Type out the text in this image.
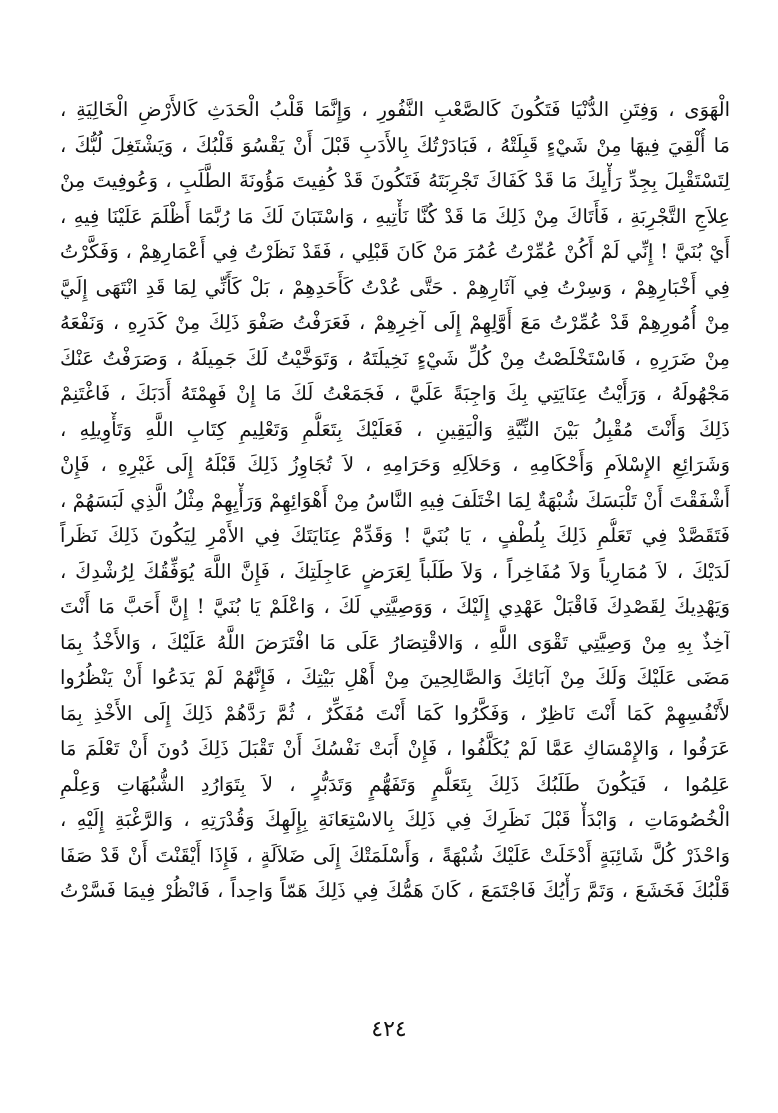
الْهَوَى ، وَفِتَنِ الدُّنْيَا فَتَكُونَ كَالصَّعْبِ النَّفُورِ ، وَإِنَّمَا قَلْبُ الْحَدَثِ كَالأَرْضِ الْخَالِيَةِ ،
مَا أُلْقِيَ فِيهَا مِنْ شَيْءٍ قَبِلَتْهُ ، فَبَادَرْتُكَ بِالأَدَبِ قَبْلَ أَنْ يَقْسُوَ قَلْبُكَ ، وَيَشْتَغِلَ لُبُّكَ ،
لِتَسْتَقْبِلَ بِجِدِّ رَأْيِكَ مَا قَدْ كَفَاكَ تَجْرِبَتَهُ فَتَكُونَ قَدْ كُفِيتَ مَؤُونَةَ الطَّلَبِ ، وَعُوفِيتَ مِنْ
عِلاَجِ التَّجْرِبَةِ ، فَأَتَاكَ مِنْ ذَلِكَ مَا قَدْ كُنَّا نَأْتِيهِ ، وَاسْتَبَانَ لَكَ مَا رُبَّمَا أَظْلَمَ عَلَيْنَا فِيهِ ،
أَيْ بُنَيَّ ! إِنِّي لَمْ أَكُنْ عُمِّرْتُ عُمُرَ مَنْ كَانَ قَبْلِي ، فَقَدْ نَظَرْتُ فِي أَعْمَارِهِمْ ، وَفَكَّرْتُ
فِي أَخْبَارِهِمْ ، وَسِرْتُ فِي آثَارِهِمْ . حَتَّى عُدْتُ كَأَحَدِهِمْ ، بَلْ كَأَنِّي لِمَا قَدِ انْتَهَى إِلَيَّ
مِنْ أُمُورِهِمْ قَدْ عُمِّرْتُ مَعَ أَوَّلِهِمْ إِلَى آخِرِهِمْ ، فَعَرَفْتُ صَفْوَ ذَلِكَ مِنْ كَدَرِهِ ، وَنَفْعَهُ
مِنْ ضَرَرِهِ ، فَاسْتَخْلَصْتُ مِنْ كُلِّ شَيْءٍ نَخِيلَتَهُ ، وَتَوَخَّيْتُ لَكَ جَمِيلَهُ ، وَصَرَفْتُ عَنْكَ
مَجْهُولَهُ ، وَرَأَيْتُ عِنَايَتِي بِكَ وَاجِبَةً عَلَيَّ ، فَجَمَعْتُ لَكَ مَا إِنْ فَهِمْتَهُ أَدَبَكَ ، فَاغْتَنِمْ
ذَلِكَ وَأَنْتَ مُقْبِلُ بَيْنَ النِّيَّةِ وَالْيَقِينِ ، فَعَلَيْكَ بِتَعَلُّمِ وَتَعْلِيمِ كِتَابِ اللَّهِ وَتَأْوِيلِهِ ،
وَشَرَائِعِ الإِسْلاَمِ وَأَحْكَامِهِ ، وَحَلاَلِهِ وَحَرَامِهِ ، لاَ تُجَاوِزُ ذَلِكَ قَبْلَهُ إِلَى غَيْرِهِ ، فَإِنْ
أَشْفَقْتَ أَنْ تَلْبَسَكَ شُبْهَةٌ لِمَا اخْتَلَفَ فِيهِ النَّاسُ مِنْ أَهْوَائِهِمْ وَرَأْيِهِمْ مِثْلُ الَّذِي لَبَسَهُمْ ،
فَتَقَصَّدْ فِي تَعَلُّمِ ذَلِكَ بِلُطْفٍ ، يَا بُنَيَّ ! وَقَدِّمْ عِنَايَتَكَ فِي الأَمْرِ لِيَكُونَ ذَلِكَ نَظَراً
لَدَيْكَ ، لاَ مُمَارِياً وَلاَ مُفَاخِراً ، وَلاَ طَلَباً لِعَرَضٍ عَاجِلَتِكَ ، فَإِنَّ اللَّهَ يُوَفِّقُكَ لِرُشْدِكَ ،
وَيَهْدِيكَ لِقَصْدِكَ فَاقْبَلْ عَهْدِي إِلَيْكَ ، وَوَصِيَّتِي لَكَ ، وَاعْلَمْ يَا بُنَيَّ ! إِنَّ أَحَبَّ مَا أَنْتَ
آخِذٌ بِهِ مِنْ وَصِيَّتِي تَقْوَى اللَّهِ ، وَالاقْتِصَارُ عَلَى مَا افْتَرَضَ اللَّهُ عَلَيْكَ ، وَالأَخْذُ بِمَا
مَضَى عَلَيْكَ وَلَكَ مِنْ آبَائِكَ وَالصَّالِحِينَ مِنْ أَهْلِ بَيْتِكَ ، فَإِنَّهُمْ لَمْ يَدَعُوا أَنْ يَنْظُرُوا
لأَنْفُسِهِمْ كَمَا أَنْتَ نَاظِرٌ ، وَفَكَّرُوا كَمَا أَنْتَ مُفَكِّرٌ ، ثُمَّ رَدَّهُمْ ذَلِكَ إِلَى الأَخْذِ بِمَا
عَرَفُوا ، وَالإِمْسَاكِ عَمَّا لَمْ يُكَلَّفُوا ، فَإِنْ أَبَتْ نَفْسُكَ أَنْ تَقْبَلَ ذَلِكَ دُونَ أَنْ تَعْلَمَ مَا
عَلِمُوا ، فَيَكُونَ طَلَبُكَ ذَلِكَ بِتَعَلُّمٍ وَتَفَهُّمٍ وَتَدَبُّرٍ ، لاَ بِتَوَارُدِ الشُّبُهَاتِ وَعِلْمِ
الْخُصُومَاتِ ، وَابْدَأْ قَبْلَ نَظَرِكَ فِي ذَلِكَ بِالاسْتِعَانَةِ بِإِلَهِكَ وَقُدْرَتِهِ ، وَالرَّغْبَةِ إِلَيْهِ ،
وَاحْذَرْ كُلَّ شَائِبَةٍ أَدْخَلَتْ عَلَيْكَ شُبْهَةً ، وَأَسْلَمَتْكَ إِلَى ضَلاَلَةٍ ، فَإِذَا أَيْقَنْتَ أَنْ قَدْ صَفَا
قَلْبُكَ فَخَشَعَ ، وَتَمَّ رَأْيُكَ فَاجْتَمَعَ ، كَانَ هَمُّكَ فِي ذَلِكَ هَمّاً وَاحِداً ، فَانْظُرْ فِيمَا فَسَّرْتُ
٤٢٤
